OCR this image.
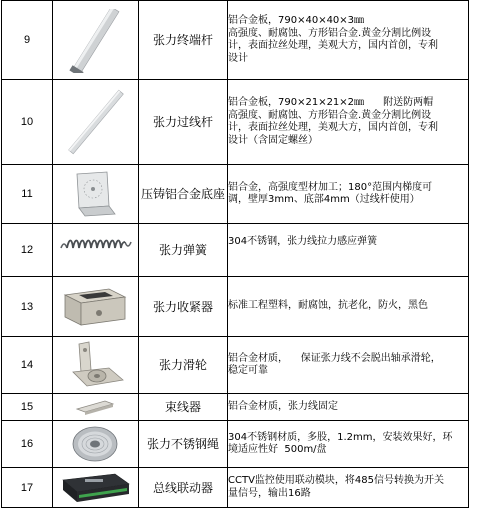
9		张力终端杆	铝合金板，790×40×40×3㎜
高强度、耐腐蚀、方形铝合金.黄金分割比例设
计，表面拉丝处理，美观大方，国内首创，专利
设计

10		张力过线杆	铝合金板，790×21×21×2㎜      附送防两帽
高强度、耐腐蚀、方形铝合金.黄金分割比例设
计，表面拉丝处理，美观大方，国内首创，专利
设计（含固定螺丝）

11		压铸铝合金底座	铝合金，高强度型材加工；180°范围内梯度可
调，壁厚3mm、底部4mm（过线杆使用）

12		张力弹簧	304不锈钢，张力线拉力感应弹簧

13		张力收紧器	标准工程塑料，耐腐蚀，抗老化，防火，黑色

14		张力滑轮	铝合金材质，    保证张力线不会脱出轴承滑轮，
稳定可靠

15		束线器	铝合金材质，张力线固定

16		张力不锈钢绳	304不锈钢材质，多股，1.2mm，安装效果好，环
境适应性好  500m/盘

17		总线联动器	CCTV监控使用联动模块，将485信号转换为开关
量信号，输出16路
